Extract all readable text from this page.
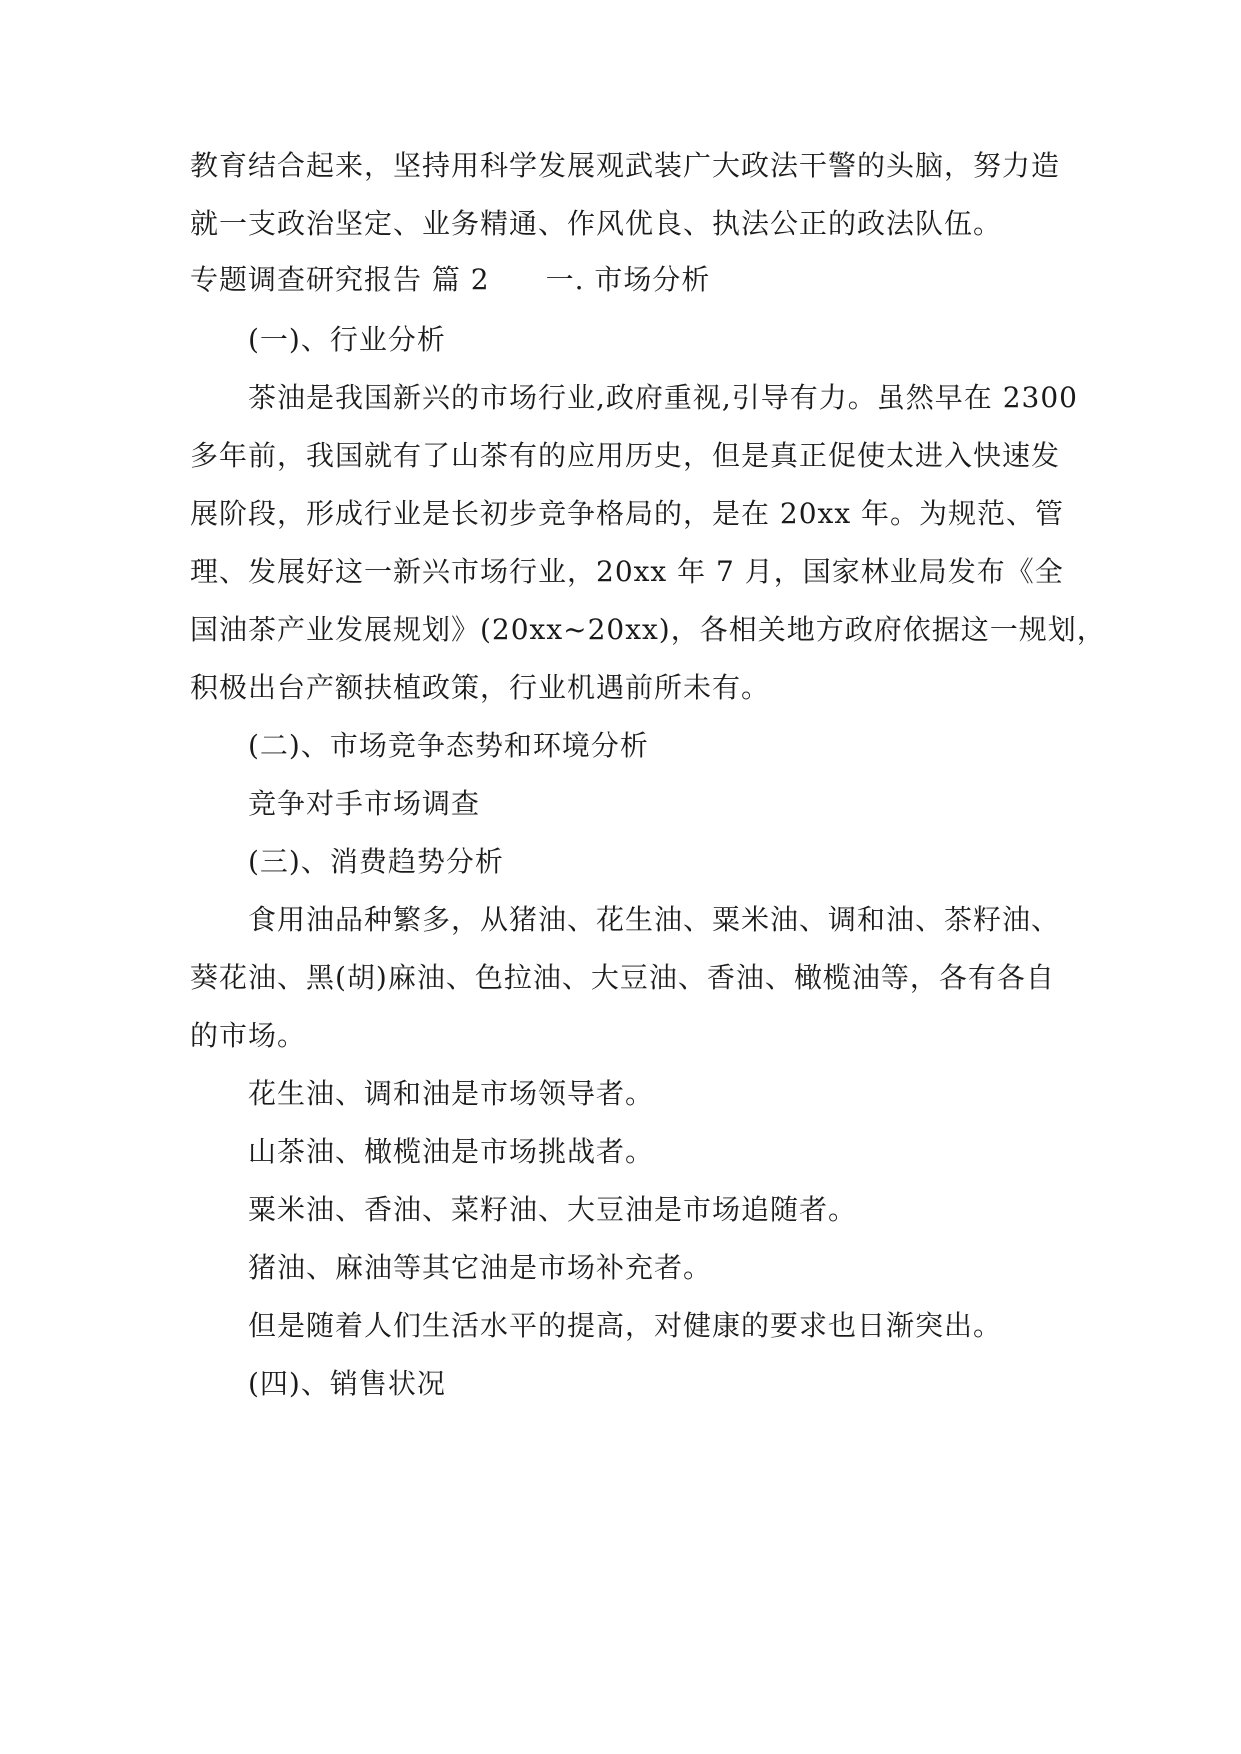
教育结合起来，坚持用科学发展观武装广大政法干警的头脑，努力造
就一支政治坚定、业务精通、作风优良、执法公正的政法队伍。
专题调查研究报告 篇 2 一. 市场分析
(一)、行业分析
茶油是我国新兴的市场行业,政府重视,引导有力。虽然早在 2300
多年前，我国就有了山茶有的应用历史，但是真正促使太进入快速发
展阶段，形成行业是长初步竞争格局的，是在 20xx 年。为规范、管
理、发展好这一新兴市场行业，20xx 年 7 月，国家林业局发布《全
国油茶产业发展规划》(20xx~20xx)，各相关地方政府依据这一规划，
积极出台产额扶植政策，行业机遇前所未有。
(二)、市场竞争态势和环境分析
竞争对手市场调查
(三)、消费趋势分析
食用油品种繁多，从猪油、花生油、粟米油、调和油、茶籽油、
葵花油、黑(胡)麻油、色拉油、大豆油、香油、橄榄油等，各有各自
的市场。
花生油、调和油是市场领导者。
山茶油、橄榄油是市场挑战者。
粟米油、香油、菜籽油、大豆油是市场追随者。
猪油、麻油等其它油是市场补充者。
但是随着人们生活水平的提高，对健康的要求也日渐突出。
(四)、销售状况
